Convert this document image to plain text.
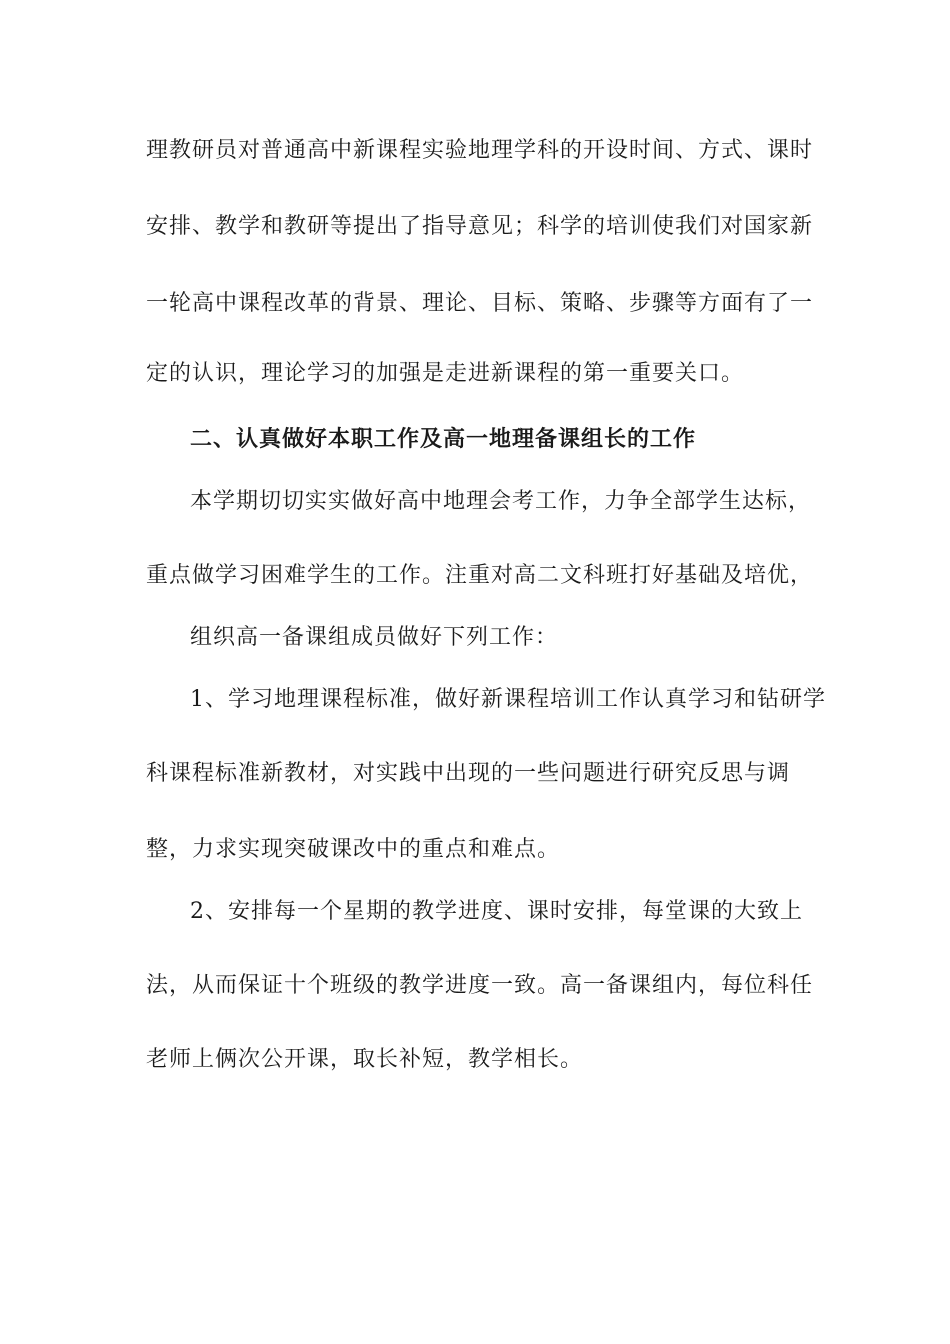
理教研员对普通高中新课程实验地理学科的开设时间、方式、课时
安排、教学和教研等提出了指导意见；科学的培训使我们对国家新
一轮高中课程改革的背景、理论、目标、策略、步骤等方面有了一
定的认识，理论学习的加强是走进新课程的第一重要关口。
二、认真做好本职工作及高一地理备课组长的工作
本学期切切实实做好高中地理会考工作，力争全部学生达标，
重点做学习困难学生的工作。注重对高二文科班打好基础及培优，
组织高一备课组成员做好下列工作：
1、学习地理课程标准，做好新课程培训工作认真学习和钻研学
科课程标准新教材，对实践中出现的一些问题进行研究反思与调
整，力求实现突破课改中的重点和难点。
2、安排每一个星期的教学进度、课时安排，每堂课的大致上
法，从而保证十个班级的教学进度一致。高一备课组内，每位科任
老师上俩次公开课，取长补短，教学相长。
